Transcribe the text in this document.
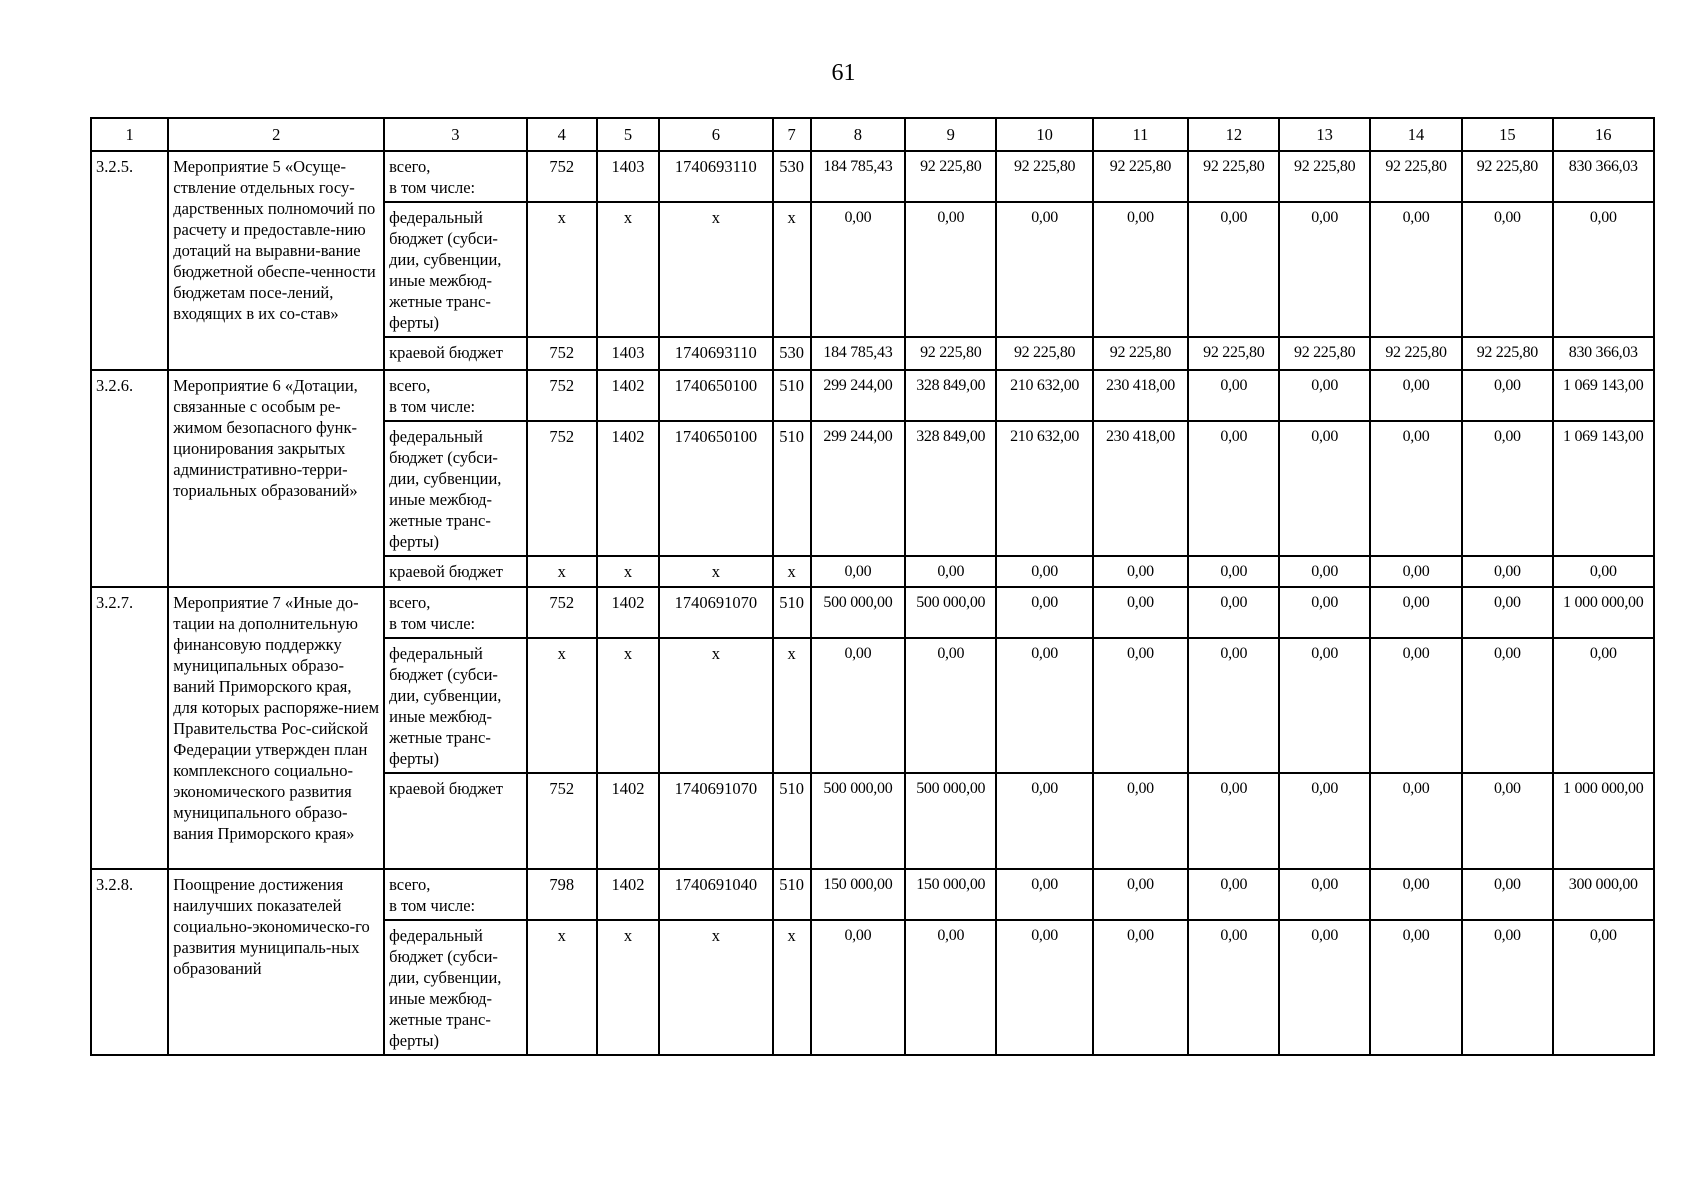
61
1	2	3	4	5	6	7	8	9	10	11	12	13	14	15	16
3.2.5.	Мероприятие 5 «Осуще-ствление отдельных госу-дарственных полномочий по расчету и предоставле-нию дотаций на выравни-вание бюджетной обеспе-ченности бюджетам посе-лений, входящих в их со-став»	всего,
в том числе:	752	1403	1740693110	530	184 785,43	92 225,80	92 225,80	92 225,80	92 225,80	92 225,80	92 225,80	92 225,80	830 366,03
		федеральный бюджет (субси-дии, субвенции, иные межбюд-жетные транс-ферты)	х	х	х	х	0,00	0,00	0,00	0,00	0,00	0,00	0,00	0,00	0,00
		краевой бюджет	752	1403	1740693110	530	184 785,43	92 225,80	92 225,80	92 225,80	92 225,80	92 225,80	92 225,80	92 225,80	830 366,03
3.2.6.	Мероприятие 6 «Дотации, связанные с особым ре-жимом безопасного функ-ционирования закрытых административно-терри-ториальных образований»	всего,
в том числе:	752	1402	1740650100	510	299 244,00	328 849,00	210 632,00	230 418,00	0,00	0,00	0,00	0,00	1 069 143,00
		федеральный бюджет (субси-дии, субвенции, иные межбюд-жетные транс-ферты)	752	1402	1740650100	510	299 244,00	328 849,00	210 632,00	230 418,00	0,00	0,00	0,00	0,00	1 069 143,00
		краевой бюджет	х	х	х	х	0,00	0,00	0,00	0,00	0,00	0,00	0,00	0,00	0,00
3.2.7.	Мероприятие 7 «Иные до-тации на дополнительную финансовую поддержку муниципальных образо-ваний Приморского края, для которых распоряже-нием Правительства Рос-сийской Федерации утвержден план комплексного социально-экономического развития муниципального образо-вания Приморского края»	всего,
в том числе:	752	1402	1740691070	510	500 000,00	500 000,00	0,00	0,00	0,00	0,00	0,00	0,00	1 000 000,00
		федеральный бюджет (субси-дии, субвенции, иные межбюд-жетные транс-ферты)	х	х	х	х	0,00	0,00	0,00	0,00	0,00	0,00	0,00	0,00	0,00
		краевой бюджет	752	1402	1740691070	510	500 000,00	500 000,00	0,00	0,00	0,00	0,00	0,00	0,00	1 000 000,00
3.2.8.	Поощрение достижения наилучших показателей социально-экономическо-го развития муниципаль-ных образований	всего,
в том числе:	798	1402	1740691040	510	150 000,00	150 000,00	0,00	0,00	0,00	0,00	0,00	0,00	300 000,00
		федеральный бюджет (субси-дии, субвенции, иные межбюд-жетные транс-ферты)	х	х	х	х	0,00	0,00	0,00	0,00	0,00	0,00	0,00	0,00	0,00
